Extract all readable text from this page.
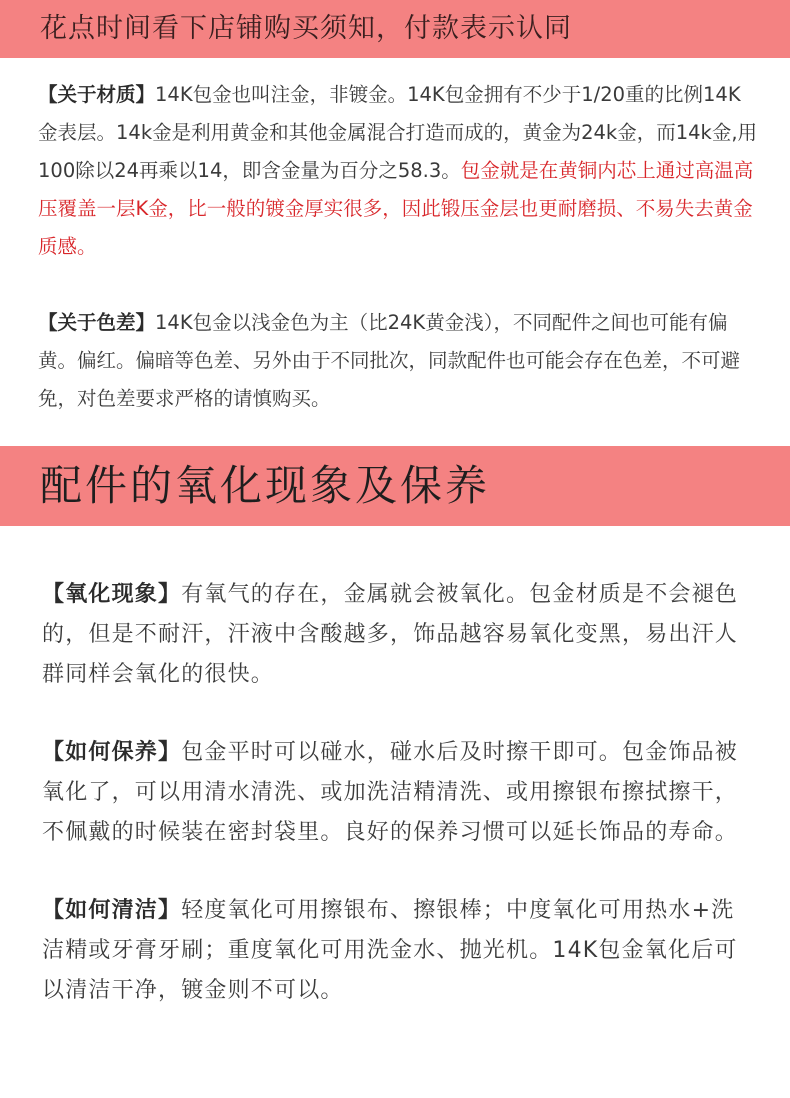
花点时间看下店铺购买须知，付款表示认同

【关于材质】14K包金也叫注金，非镀金。14K包金拥有不少于1/20重的比例14K金表层。14k金是利用黄金和其他金属混合打造而成的，黄金为24k金，而14k金,用100除以24再乘以14，即含金量为百分之58.3。包金就是在黄铜内芯上通过高温高压覆盖一层K金，比一般的镀金厚实很多，因此锻压金层也更耐磨损、不易失去黄金质感。

【关于色差】14K包金以浅金色为主（比24K黄金浅），不同配件之间也可能有偏黄。偏红。偏暗等色差、另外由于不同批次，同款配件也可能会存在色差，不可避免，对色差要求严格的请慎购买。

配件的氧化现象及保养

【氧化现象】有氧气的存在，金属就会被氧化。包金材质是不会褪色的，但是不耐汗，汗液中含酸越多，饰品越容易氧化变黑，易出汗人群同样会氧化的很快。

【如何保养】包金平时可以碰水，碰水后及时擦干即可。包金饰品被氧化了，可以用清水清洗、或加洗洁精清洗、或用擦银布擦拭擦干，不佩戴的时候装在密封袋里。良好的保养习惯可以延长饰品的寿命。

【如何清洁】轻度氧化可用擦银布、擦银棒；中度氧化可用热水+洗洁精或牙膏牙刷；重度氧化可用洗金水、抛光机。14K包金氧化后可以清洁干净，镀金则不可以。
